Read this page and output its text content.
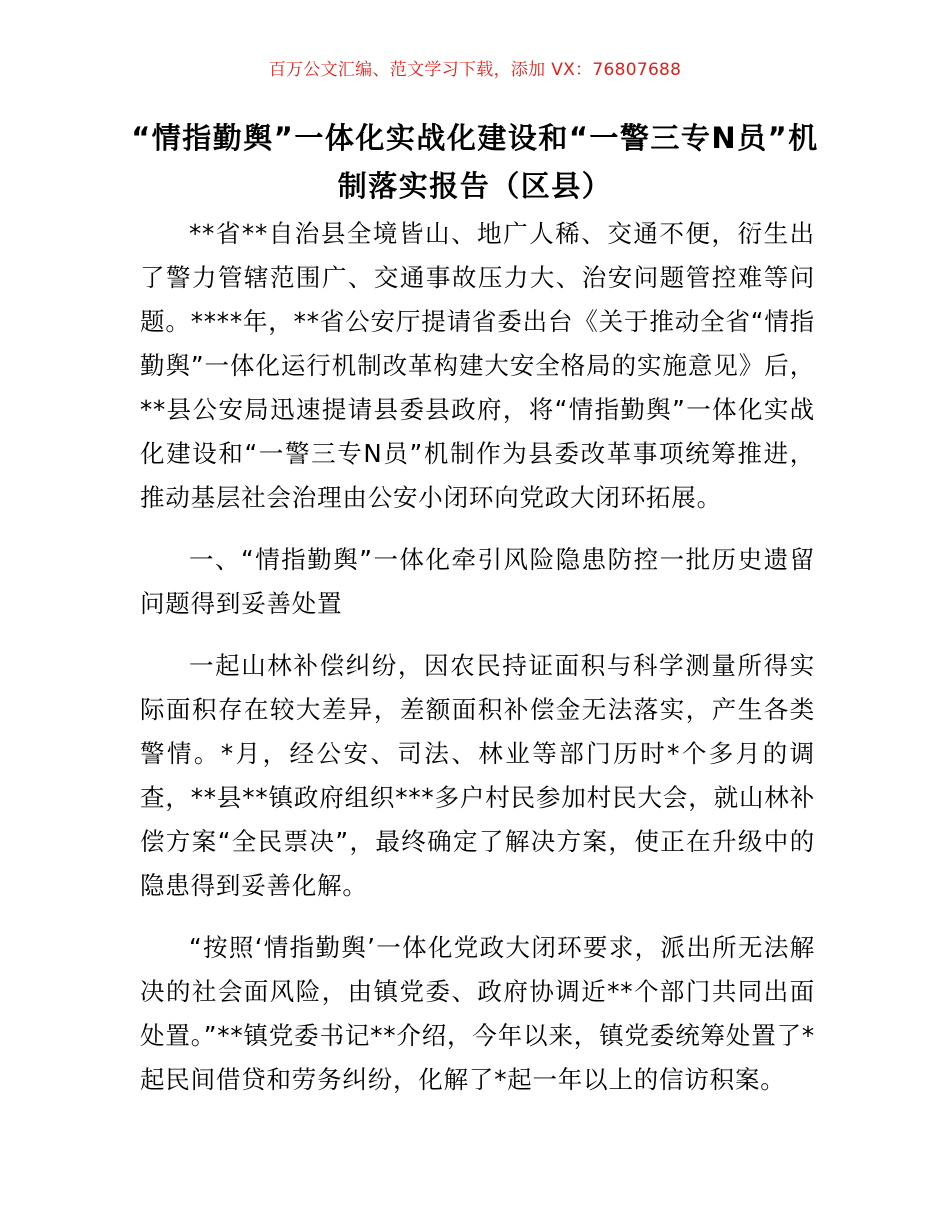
百万公文汇编、范文学习下载，添加 VX：76807688
“情指勤舆”一体化实战化建设和“一警三专N员”机制落实报告（区县）

**省**自治县全境皆山、地广人稀、交通不便，衍生出了警力管辖范围广、交通事故压力大、治安问题管控难等问题。****年，**省公安厅提请省委出台《关于推动全省“情指勤舆”一体化运行机制改革构建大安全格局的实施意见》后，**县公安局迅速提请县委县政府，将“情指勤舆”一体化实战化建设和“一警三专N员”机制作为县委改革事项统筹推进，推动基层社会治理由公安小闭环向党政大闭环拓展。

一、“情指勤舆”一体化牵引风险隐患防控一批历史遗留问题得到妥善处置

一起山林补偿纠纷，因农民持证面积与科学测量所得实际面积存在较大差异，差额面积补偿金无法落实，产生各类警情。*月，经公安、司法、林业等部门历时*个多月的调查，**县**镇政府组织***多户村民参加村民大会，就山林补偿方案“全民票决”，最终确定了解决方案，使正在升级中的隐患得到妥善化解。

“按照‘情指勤舆’一体化党政大闭环要求，派出所无法解决的社会面风险，由镇党委、政府协调近**个部门共同出面处置。”**镇党委书记**介绍，今年以来，镇党委统筹处置了*起民间借贷和劳务纠纷，化解了*起一年以上的信访积案。
